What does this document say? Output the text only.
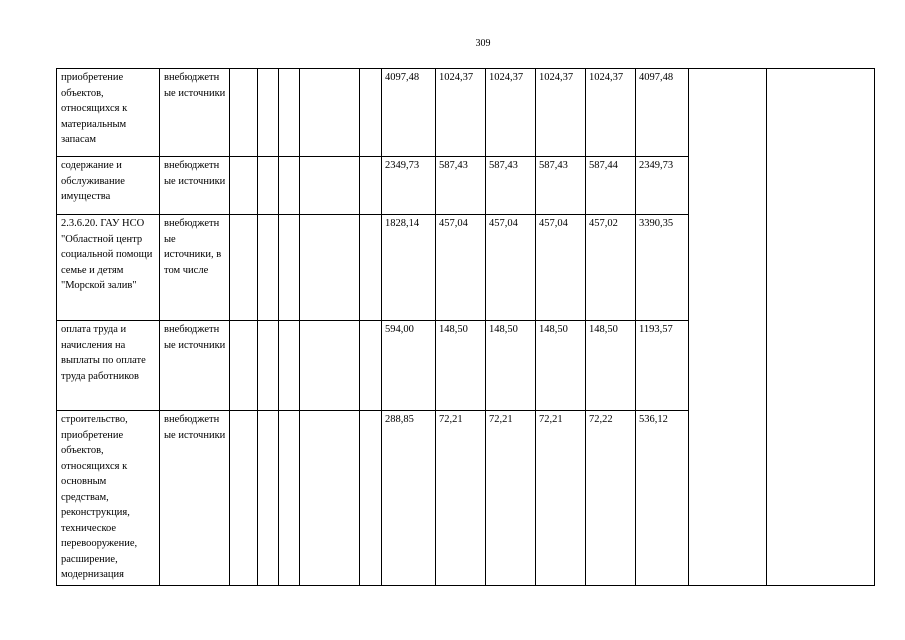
309
приобретение объектов, относящихся к материальным запасам	внебюджетные источники						4097,48	1024,37	1024,37	1024,37	1024,37	4097,48		
содержание и обслуживание имущества	внебюджетные источники						2349,73	587,43	587,43	587,43	587,44	2349,73		
2.3.6.20. ГАУ НСО "Областной центр социальной помощи семье и детям "Морской залив"	внебюджетные источники, в том числе						1828,14	457,04	457,04	457,04	457,02	3390,35		
оплата труда и начисления на выплаты по оплате труда работников	внебюджетные источники						594,00	148,50	148,50	148,50	148,50	1193,57		
строительство, приобретение объектов, относящихся к основным средствам, реконструкция, техническое перевооружение, расширение, модернизация	внебюджетные источники						288,85	72,21	72,21	72,21	72,22	536,12		
